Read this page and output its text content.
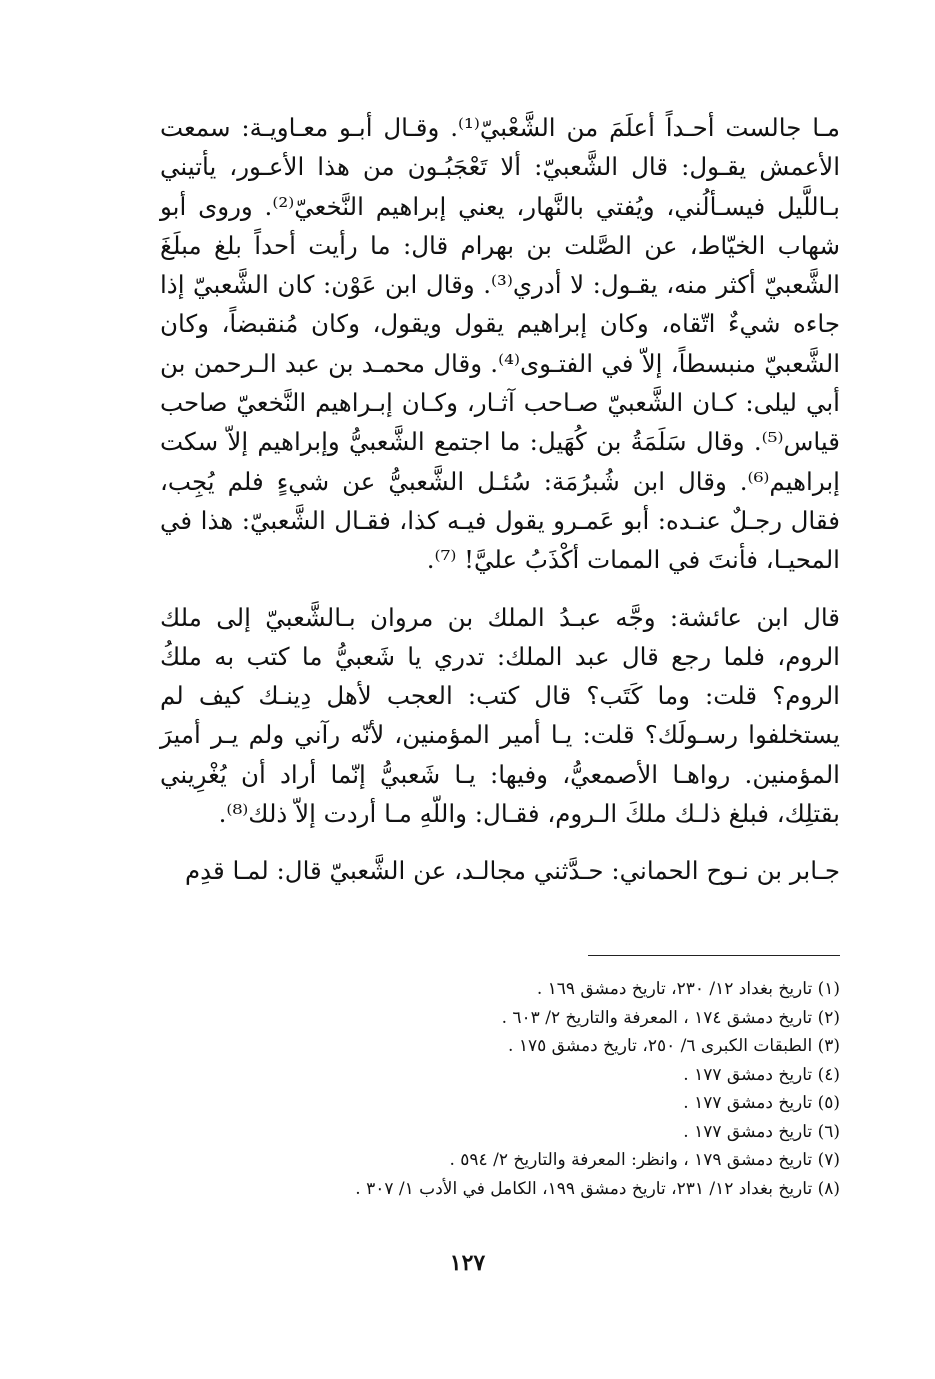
مـا جالست أحـداً أعلَمَ من الشَّعْبيّ⁽¹⁾. وقـال أبـو معـاويـة: سمعت الأعمش يقـول: قال الشَّعبيّ: ألا تَعْجَبُـون من هذا الأعـور، يأتيني بـاللَّيل فيسـألُني، ويُفتي بالنَّهار، يعني إبراهيم النَّخعيّ⁽²⁾. وروى أبو شهاب الخيّاط، عن الصَّلت بن بهرام قال: ما رأيت أحداً بلغ مبلَغَ الشَّعبيّ أكثر منه، يقـول: لا أدري⁽³⁾. وقال ابن عَوْن: كان الشَّعبيّ إذا جاءه شيءٌ اتّقاه، وكان إبراهيم يقول ويقول، وكان مُنقبضاً، وكان الشَّعبيّ منبسطاً، إلاّ في الفتـوى⁽⁴⁾. وقال محمـد بن عبد الـرحمن بن أبي ليلى: كـان الشَّعبيّ صـاحب آثـار، وكـان إبـراهيم النَّخعيّ صاحب قياس⁽⁵⁾. وقال سَلَمَةُ بن كُهَيل: ما اجتمع الشَّعبيُّ وإبراهيم إلاّ سكت إبراهيم⁽⁶⁾. وقال ابن شُبرُمَة: سُئـل الشَّعبيُّ عن شيءٍ فلم يُجِب، فقال رجـلٌ عنـده: أبو عَمـرو يقول فيـه كذا، فقـال الشَّعبيّ: هذا في المحيـا، فأنتَ في الممات أكْذَبُ عليَّ! ⁽⁷⁾.

قال ابن عائشة: وجَّه عبـدُ الملك بن مروان بـالشَّعبيّ إلى ملك الروم، فلما رجع قال عبد الملك: تدري يا شَعبيُّ ما كتب به ملكُ الروم؟ قلت: وما كَتَب؟ قال كتب: العجب لأهل دِينـك كيف لم يستخلفوا رسـولَك؟ قلت: يـا أمير المؤمنين، لأنّه رآني ولم يـر أميرَ المؤمنين. رواهـا الأصمعيُّ، وفيها: يـا شَعبيُّ إنّما أراد أن يُغْرِيني بقتلِك، فبلغ ذلـك ملكَ الـروم، فقـال: واللّهِ مـا أردت إلاّ ذلك⁽⁸⁾.

جـابر بن نـوح الحماني: حـدَّثني مجالـد، عن الشَّعبيّ قال: لمـا قدِم

(١) تاريخ بغداد ١٢/ ٢٣٠، تاريخ دمشق ١٦٩ .
(٢) تاريخ دمشق ١٧٤ ، المعرفة والتاريخ ٢/ ٦٠٣ .
(٣) الطبقات الكبرى ٦/ ٢٥٠، تاريخ دمشق ١٧٥ .
(٤) تاريخ دمشق ١٧٧ .
(٥) تاريخ دمشق ١٧٧ .
(٦) تاريخ دمشق ١٧٧ .
(٧) تاريخ دمشق ١٧٩ ، وانظر: المعرفة والتاريخ ٢/ ٥٩٤ .
(٨) تاريخ بغداد ١٢/ ٢٣١، تاريخ دمشق ١٩٩، الكامل في الأدب ١/ ٣٠٧ .
١٢٧
